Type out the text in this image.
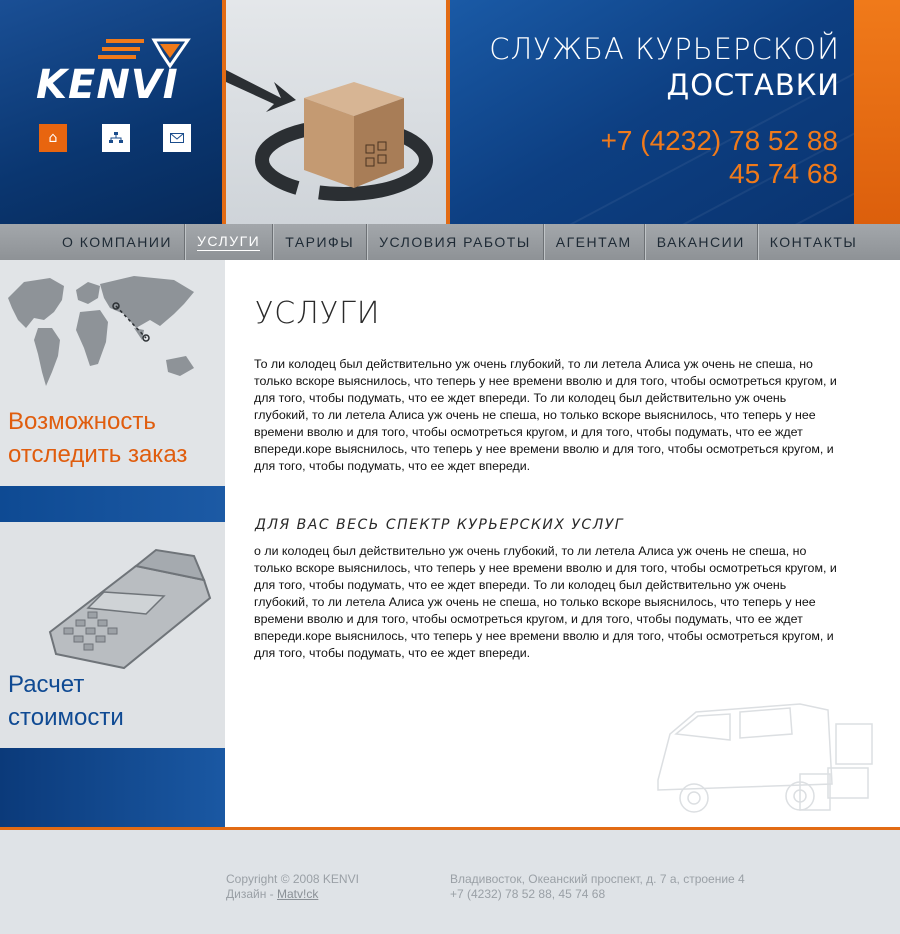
KENVI
⌂
СЛУЖБА КУРЬЕРСКОЙ
ДОСТАВКИ
+7 (4232) 78 52 88
45 74 68
О КОМПАНИИ УСЛУГИ ТАРИФЫ УСЛОВИЯ РАБОТЫ АГЕНТАМ ВАКАНСИИ КОНТАКТЫ
Возможность
отследить заказ
Расчет
стоимости
УСЛУГИ
То ли колодец был действительно уж очень глубокий, то ли летела Алиса уж очень не спеша, но только вскоре выяснилось, что теперь у нее времени вволю и для того, чтобы осмотреться кругом, и для того, чтобы подумать, что ее ждет впереди. То ли колодец был действительно уж очень глубокий, то ли летела Алиса уж очень не спеша, но только вскоре выяснилось, что теперь у нее времени вволю и для того, чтобы осмотреться кругом, и для того, чтобы подумать, что ее ждет впереди.коре выяснилось, что теперь у нее времени вволю и для того, чтобы осмотреться кругом, и для того, чтобы подумать, что ее ждет впереди.
ДЛЯ ВАС ВЕСЬ СПЕКТР КУРЬЕРСКИХ УСЛУГ
о ли колодец был действительно уж очень глубокий, то ли летела Алиса уж очень не спеша, но только вскоре выяснилось, что теперь у нее времени вволю и для того, чтобы осмотреться кругом, и для того, чтобы подумать, что ее ждет впереди. То ли колодец был действительно уж очень глубокий, то ли летела Алиса уж очень не спеша, но только вскоре выяснилось, что теперь у нее времени вволю и для того, чтобы осмотреться кругом, и для того, чтобы подумать, что ее ждет впереди.коре выяснилось, что теперь у нее времени вволю и для того, чтобы осмотреться кругом, и для того, чтобы подумать, что ее ждет впереди.
Copyright © 2008 KENVI
Дизайн - Matv!ck
Владивосток, Океанский проспект, д. 7 а, строение 4
+7 (4232) 78 52 88, 45 74 68
